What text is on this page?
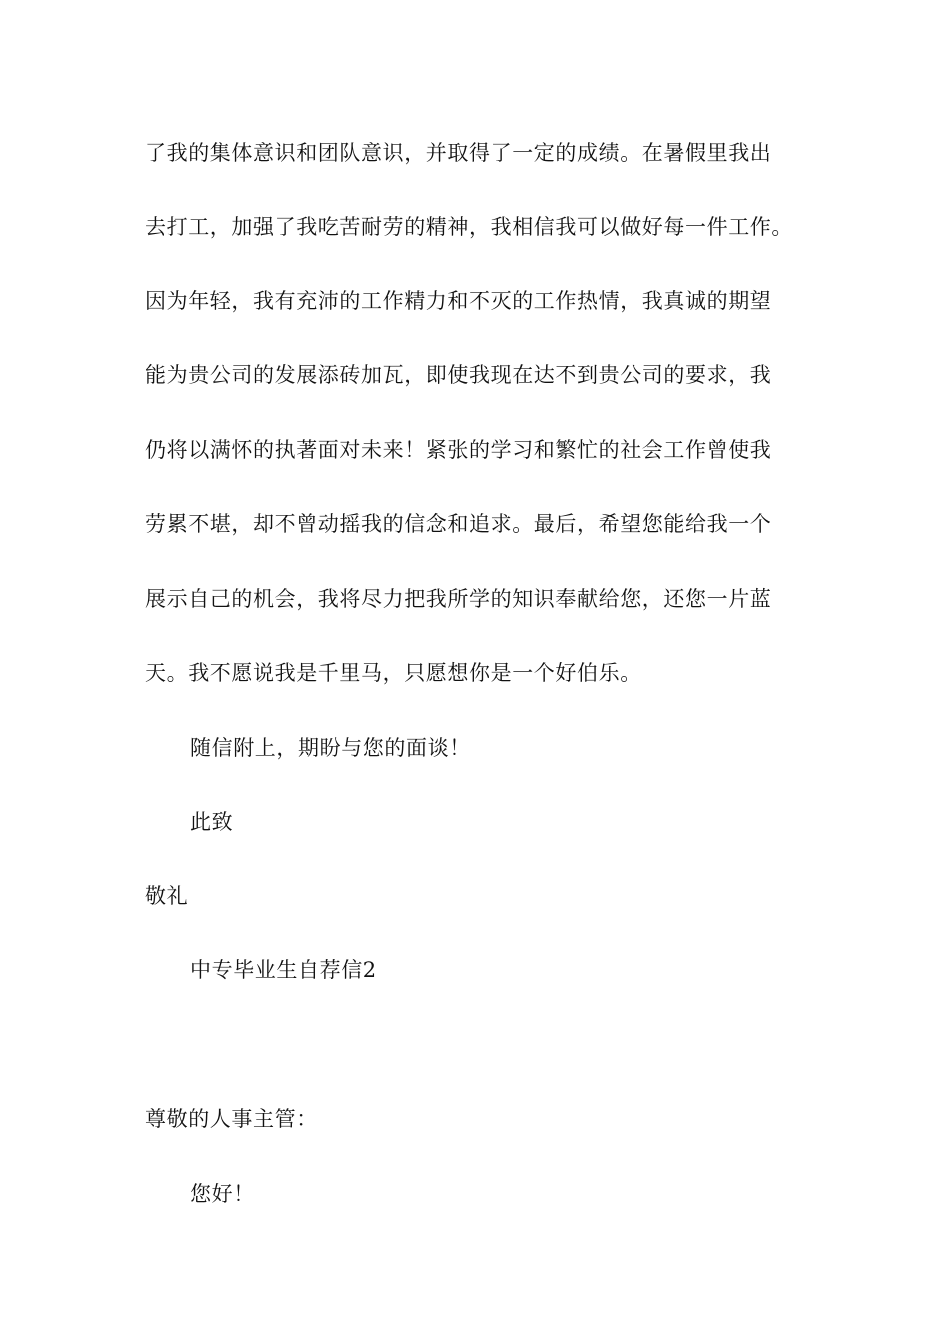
了我的集体意识和团队意识，并取得了一定的成绩。在暑假里我出

去打工，加强了我吃苦耐劳的精神，我相信我可以做好每一件工作。

因为年轻，我有充沛的工作精力和不灭的工作热情，我真诚的期望

能为贵公司的发展添砖加瓦，即使我现在达不到贵公司的要求，我

仍将以满怀的执著面对未来！紧张的学习和繁忙的社会工作曾使我

劳累不堪，却不曾动摇我的信念和追求。最后，希望您能给我一个

展示自己的机会，我将尽力把我所学的知识奉献给您，还您一片蓝

天。我不愿说我是千里马，只愿想你是一个好伯乐。

随信附上，期盼与您的面谈！

此致

敬礼

中专毕业生自荐信2

尊敬的人事主管：

您好！
